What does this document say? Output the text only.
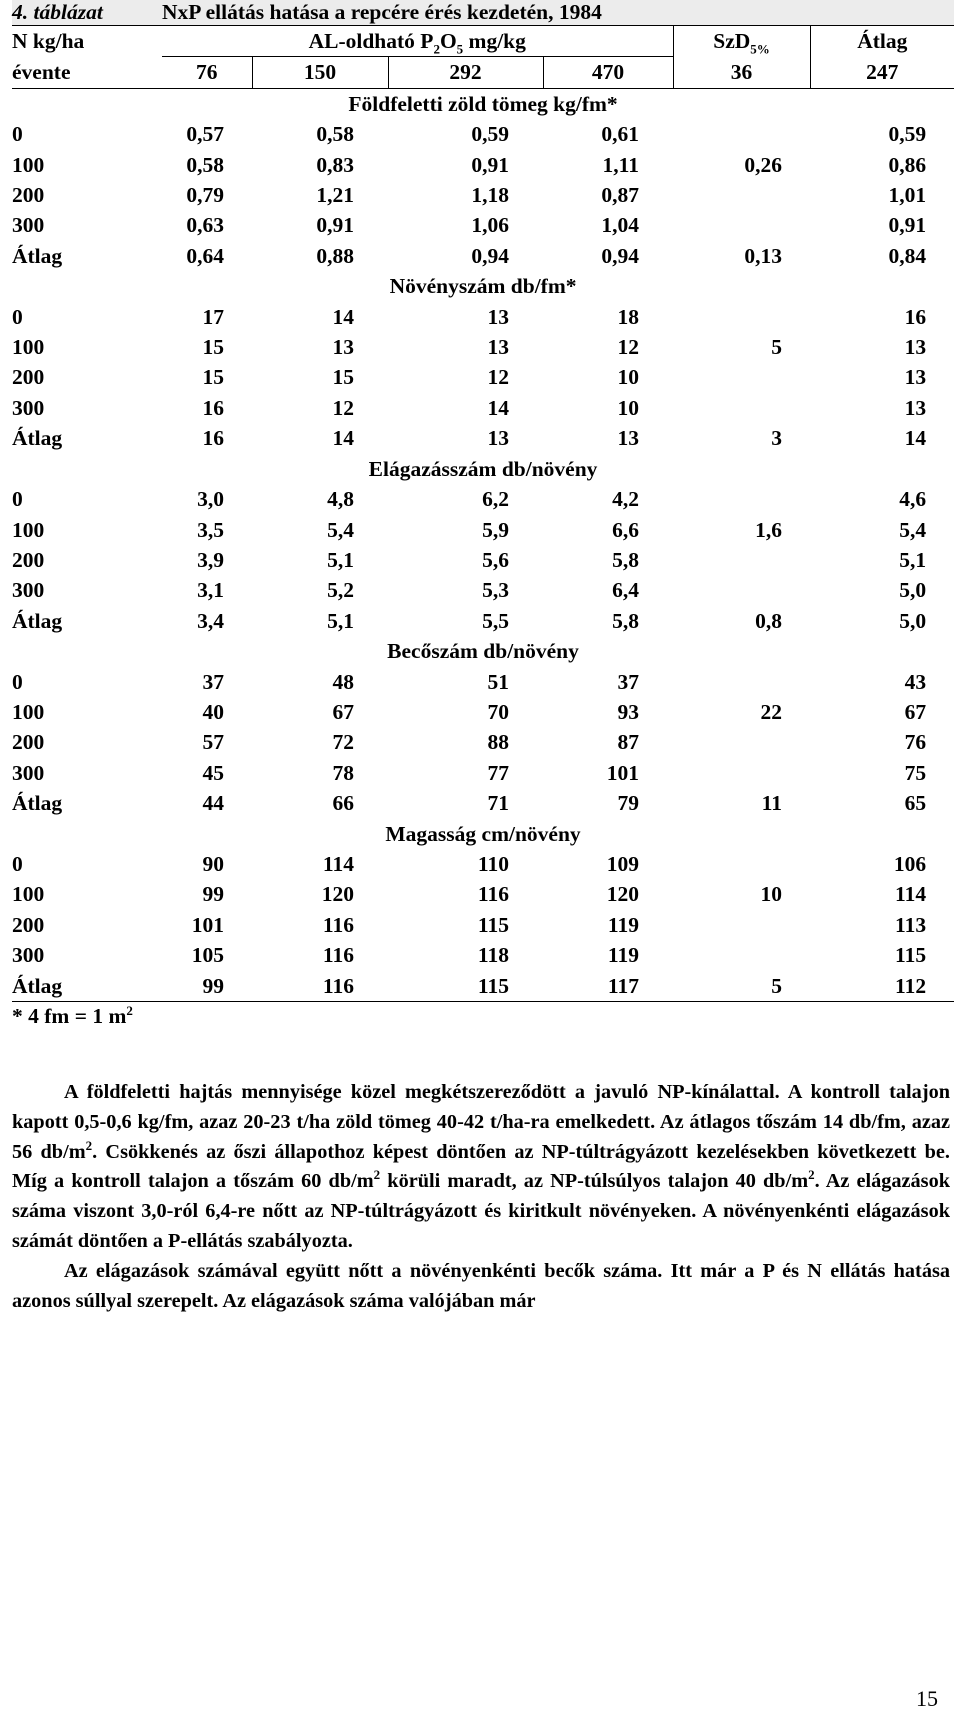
4. táblázat	NxP ellátás hatása a repcére érés kezdetén, 1984					
N kg/ha	AL-oldható $P_2O_5$ mg/kg				SzD$_{5\%}$	Átlag
évente	76	150	292	470	36	247
Földfeletti zöld tömeg kg/fm*						
0	0,57	0,58	0,59	0,61		0,59
100	0,58	0,83	0,91	1,11	0,26	0,86
200	0,79	1,21	1,18	0,87		1,01
300	0,63	0,91	1,06	1,04		0,91
Átlag	0,64	0,88	0,94	0,94	0,13	0,84
Növényszám db/fm*						
0	17	14	13	18		16
100	15	13	13	12	5	13
200	15	15	12	10		13
300	16	12	14	10		13
Átlag	16	14	13	13	3	14
Elágazásszám db/növény						
0	3,0	4,8	6,2	4,2		4,6
100	3,5	5,4	5,9	6,6	1,6	5,4
200	3,9	5,1	5,6	5,8		5,1
300	3,1	5,2	5,3	6,4		5,0
Átlag	3,4	5,1	5,5	5,8	0,8	5,0
Becőszám db/növény						
0	37	48	51	37		43
100	40	67	70	93	22	67
200	57	72	88	87		76
300	45	78	77	101		75
Átlag	44	66	71	79	11	65
Magasság cm/növény						
0	90	114	110	109		106
100	99	120	116	120	10	114
200	101	116	115	119		113
300	105	116	118	119		115
Átlag	99	116	115	117	5	112
* 4 fm = 1 $m^2$

A földfeletti hajtás mennyisége közel megkétszereződött a javuló NP-kínálattal. A kontroll talajon kapott 0,5-0,6 kg/fm, azaz 20-23 t/ha zöld tömeg 40-42 t/ha-ra emelkedett. Az átlagos tőszám 14 db/fm, azaz 56 $db/m^2$. Csökkenés az őszi állapothoz képest döntően az NP-túltrágyázott kezelésekben következett be. Míg a kontroll talajon a tőszám 60 $db/m^2$ körüli maradt, az NP-túlsúlyos talajon 40 $db/m^2$. Az elágazások száma viszont 3,0-ról 6,4-re nőtt az NP-túltrágyázott és kiritkult növényeken. A növényenkénti elágazások számát döntően a P-ellátás szabályozta.

Az elágazások számával együtt nőtt a növényenkénti becők száma. Itt már a P és N ellátás hatása azonos súllyal szerepelt. Az elágazások száma valójában már

15
